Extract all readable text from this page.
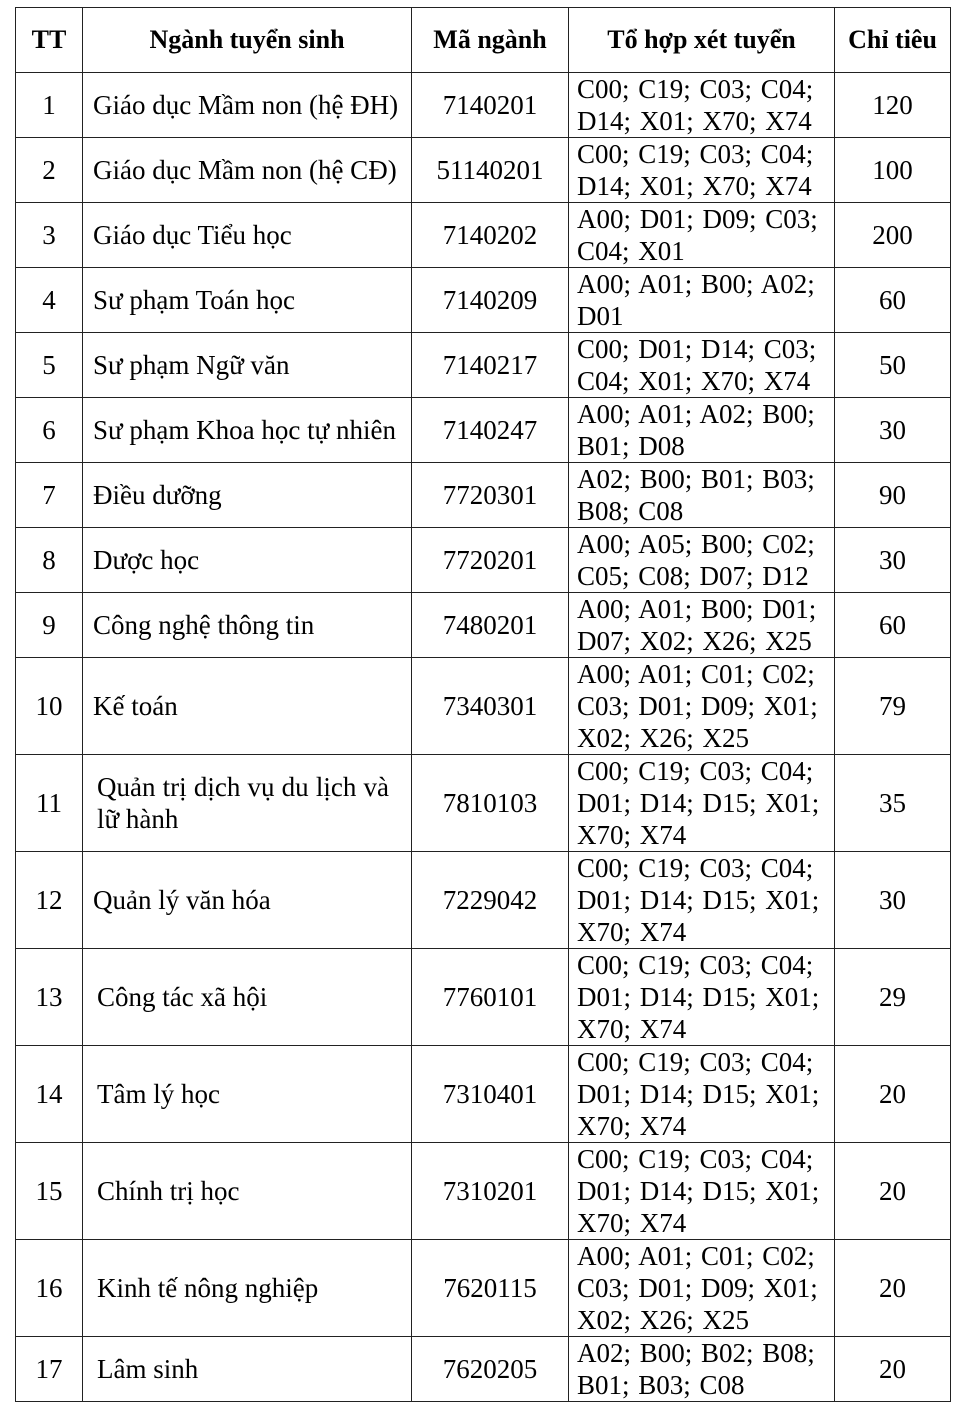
TT	Ngành tuyển sinh	Mã ngành	Tổ hợp xét tuyển	Chỉ tiêu
1	Giáo dục Mầm non (hệ ĐH)	7140201	C00; C19; C03; C04; D14; X01; X70; X74	120
2	Giáo dục Mầm non (hệ CĐ)	51140201	C00; C19; C03; C04; D14; X01; X70; X74	100
3	Giáo dục Tiểu học	7140202	A00; D01; D09; C03; C04; X01	200
4	Sư phạm Toán học	7140209	A00; A01; B00; A02; D01	60
5	Sư phạm Ngữ văn	7140217	C00; D01; D14; C03; C04; X01; X70; X74	50
6	Sư phạm Khoa học tự nhiên	7140247	A00; A01; A02; B00; B01; D08	30
7	Điều dưỡng	7720301	A02; B00; B01; B03; B08; C08	90
8	Dược học	7720201	A00; A05; B00; C02; C05; C08; D07; D12	30
9	Công nghệ thông tin	7480201	A00; A01; B00; D01; D07; X02; X26; X25	60
10	Kế toán	7340301	A00; A01; C01; C02; C03; D01; D09; X01; X02; X26; X25	79
11	Quản trị dịch vụ du lịch và lữ hành	7810103	C00; C19; C03; C04; D01; D14; D15; X01; X70; X74	35
12	Quản lý văn hóa	7229042	C00; C19; C03; C04; D01; D14; D15; X01; X70; X74	30
13	Công tác xã hội	7760101	C00; C19; C03; C04; D01; D14; D15; X01; X70; X74	29
14	Tâm lý học	7310401	C00; C19; C03; C04; D01; D14; D15; X01; X70; X74	20
15	Chính trị học	7310201	C00; C19; C03; C04; D01; D14; D15; X01; X70; X74	20
16	Kinh tế nông nghiệp	7620115	A00; A01; C01; C02; C03; D01; D09; X01; X02; X26; X25	20
17	Lâm sinh	7620205	A02; B00; B02; B08; B01; B03; C08	20
